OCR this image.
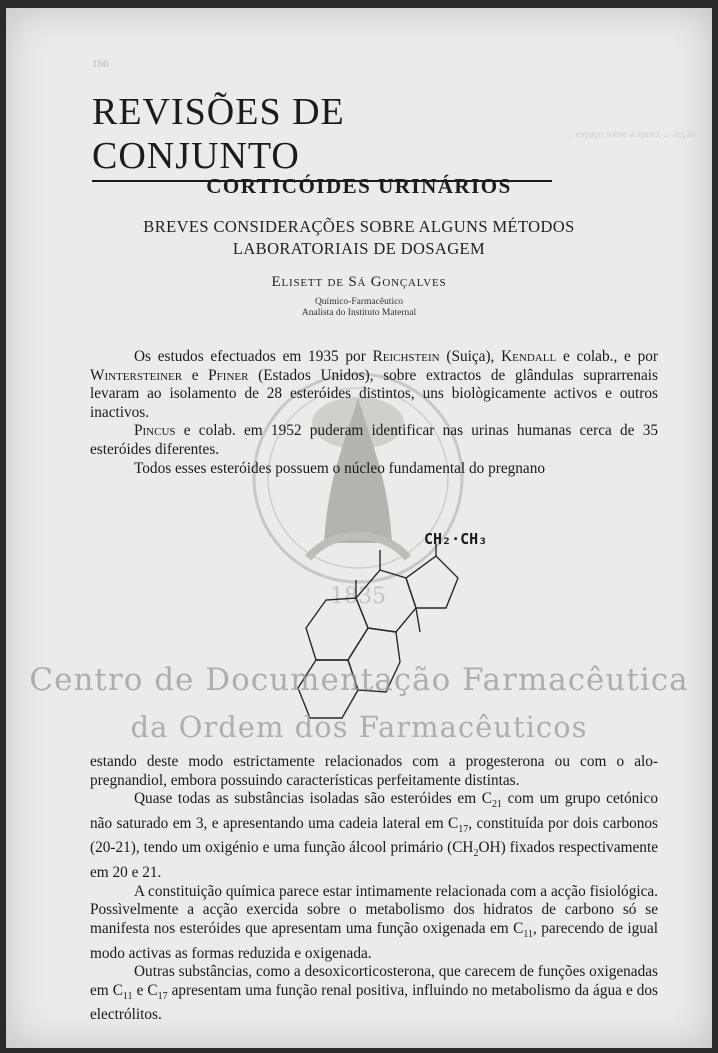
166
... espaço sobre a apnex ... acção
REVISÕES DE CONJUNTO
CORTICÓIDES URINÁRIOS
BREVES CONSIDERAÇÕES SOBRE ALGUNS MÉTODOS
LABORATORIAIS DE DOSAGEM
Elisett de Sá Gonçalves
Químico-Farmacêutico
Analista do Instituto Maternal
1835

Os estudos efectuados em 1935 por Reichstein (Suiça), Kendall e colab., e por Wintersteiner e Pfiner (Estados Unidos), sobre extractos de glândulas suprarrenais levaram ao isolamento de 28 esteróides distintos, uns biològicamente activos e outros inactivos.

Pincus e colab. em 1952 puderam identificar nas urinas humanas cerca de 35 esteróides diferentes.

Todos esses esteróides possuem o núcleo fundamental do pregnano

CH₂·CH₃
Centro de Documentação Farmacêutica
da Ordem dos Farmacêuticos

estando deste modo estrictamente relacionados com a progesterona ou com o alo-pregnandiol, embora possuindo características perfeitamente distintas.

Quase todas as substâncias isoladas são esteróides em $C_{21}$ com um grupo cetónico não saturado em 3, e apresentando uma cadeia lateral em $C_{17}$, constituída por dois carbonos (20-21), tendo um oxigénio e uma função álcool primário $(CH_2OH)$ fixados respectivamente em 20 e 21.

A constituição química parece estar intimamente relacionada com a acção fisiológica. Possìvelmente a acção exercida sobre o metabolismo dos hidratos de carbono só se manifesta nos esteróides que apresentam uma função oxigenada em $C_{11}$, parecendo de igual modo activas as formas reduzida e oxigenada.

Outras substâncias, como a desoxicorticosterona, que carecem de funções oxigenadas em $C_{11}$ e $C_{17}$ apresentam uma função renal positiva, influindo no metabolismo da água e dos electrólitos.
